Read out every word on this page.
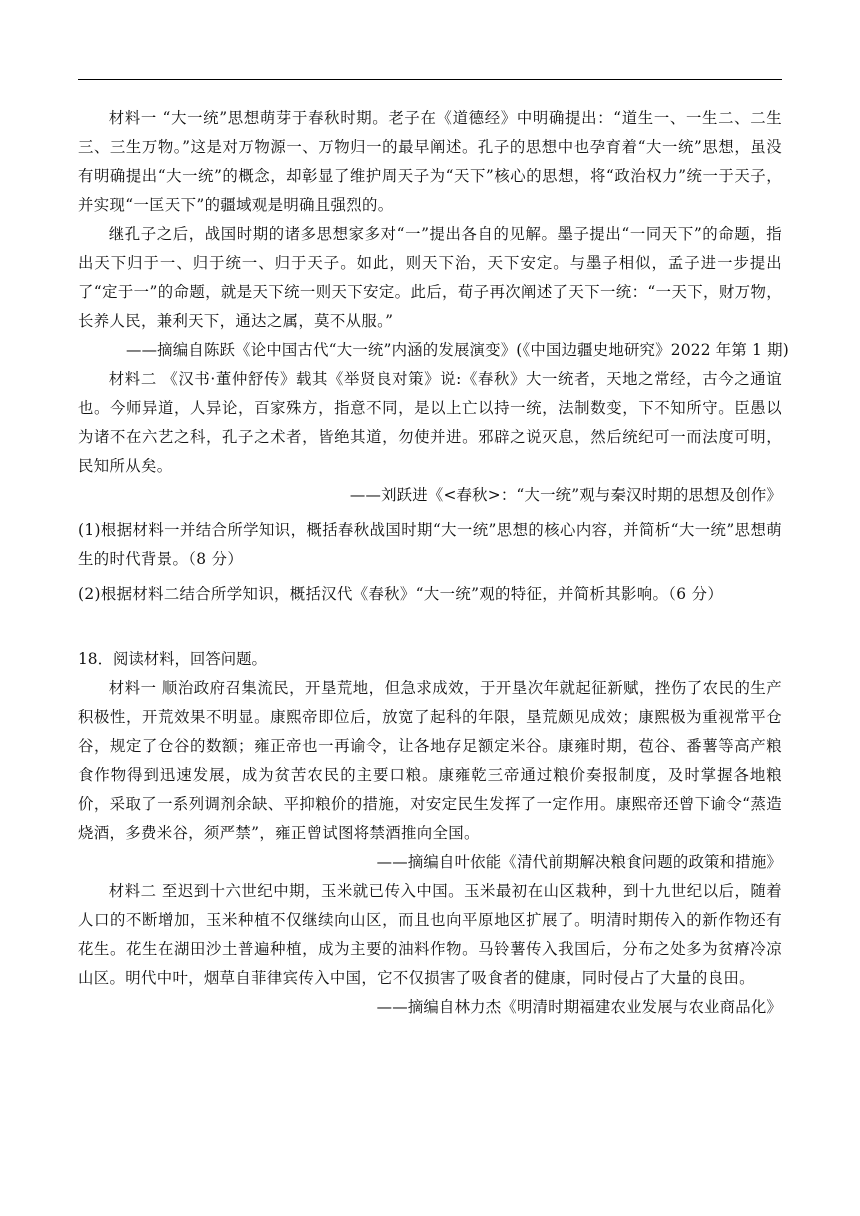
材料一 “大一统”思想萌芽于春秋时期。老子在《道德经》中明确提出：“道生一、一生二、二生三、三生万物。”这是对万物源一、万物归一的最早阐述。孔子的思想中也孕育着“大一统”思想，虽没有明确提出“大一统”的概念，却彰显了维护周天子为“天下”核心的思想，将“政治权力”统一于天子，并实现“一匡天下”的疆域观是明确且强烈的。

继孔子之后，战国时期的诸多思想家多对“一”提出各自的见解。墨子提出“一同天下”的命题，指出天下归于一、归于统一、归于天子。如此，则天下治，天下安定。与墨子相似，孟子进一步提出了“定于一”的命题，就是天下统一则天下安定。此后，荀子再次阐述了天下一统：“一天下，财万物，长养人民，兼利天下，通达之属，莫不从服。”

——摘编自陈跃《论中国古代“大一统”内涵的发展演变》(《中国边疆史地研究》2022 年第 1 期)

材料二 《汉书·董仲舒传》载其《举贤良对策》说:《春秋》大一统者，天地之常经，古今之通谊也。今师异道，人异论，百家殊方，指意不同，是以上亡以持一统，法制数变，下不知所守。臣愚以为诸不在六艺之科，孔子之术者，皆绝其道，勿使并进。邪辟之说灭息，然后统纪可一而法度可明，民知所从矣。

——刘跃进《<春秋>：“大一统”观与秦汉时期的思想及创作》

(1)根据材料一并结合所学知识，概括春秋战国时期“大一统”思想的核心内容，并简析“大一统”思想萌生的时代背景。（8 分）

(2)根据材料二结合所学知识，概括汉代《春秋》“大一统”观的特征，并简析其影响。（6 分）

18．阅读材料，回答问题。

材料一 顺治政府召集流民，开垦荒地，但急求成效，于开垦次年就起征新赋，挫伤了农民的生产积极性，开荒效果不明显。康熙帝即位后，放宽了起科的年限，垦荒颇见成效；康熙极为重视常平仓谷，规定了仓谷的数额；雍正帝也一再谕令，让各地存足额定米谷。康雍时期，苞谷、番薯等高产粮食作物得到迅速发展，成为贫苦农民的主要口粮。康雍乾三帝通过粮价奏报制度，及时掌握各地粮价，采取了一系列调剂余缺、平抑粮价的措施，对安定民生发挥了一定作用。康熙帝还曾下谕令“蒸造烧酒，多费米谷，须严禁”，雍正曾试图将禁酒推向全国。

——摘编自叶依能《清代前期解决粮食问题的政策和措施》

材料二 至迟到十六世纪中期，玉米就已传入中国。玉米最初在山区栽种，到十九世纪以后，随着人口的不断增加，玉米种植不仅继续向山区，而且也向平原地区扩展了。明清时期传入的新作物还有花生。花生在湖田沙土普遍种植，成为主要的油料作物。马铃薯传入我国后，分布之处多为贫瘠冷凉山区。明代中叶，烟草自菲律宾传入中国，它不仅损害了吸食者的健康，同时侵占了大量的良田。

——摘编自林力杰《明清时期福建农业发展与农业商品化》
